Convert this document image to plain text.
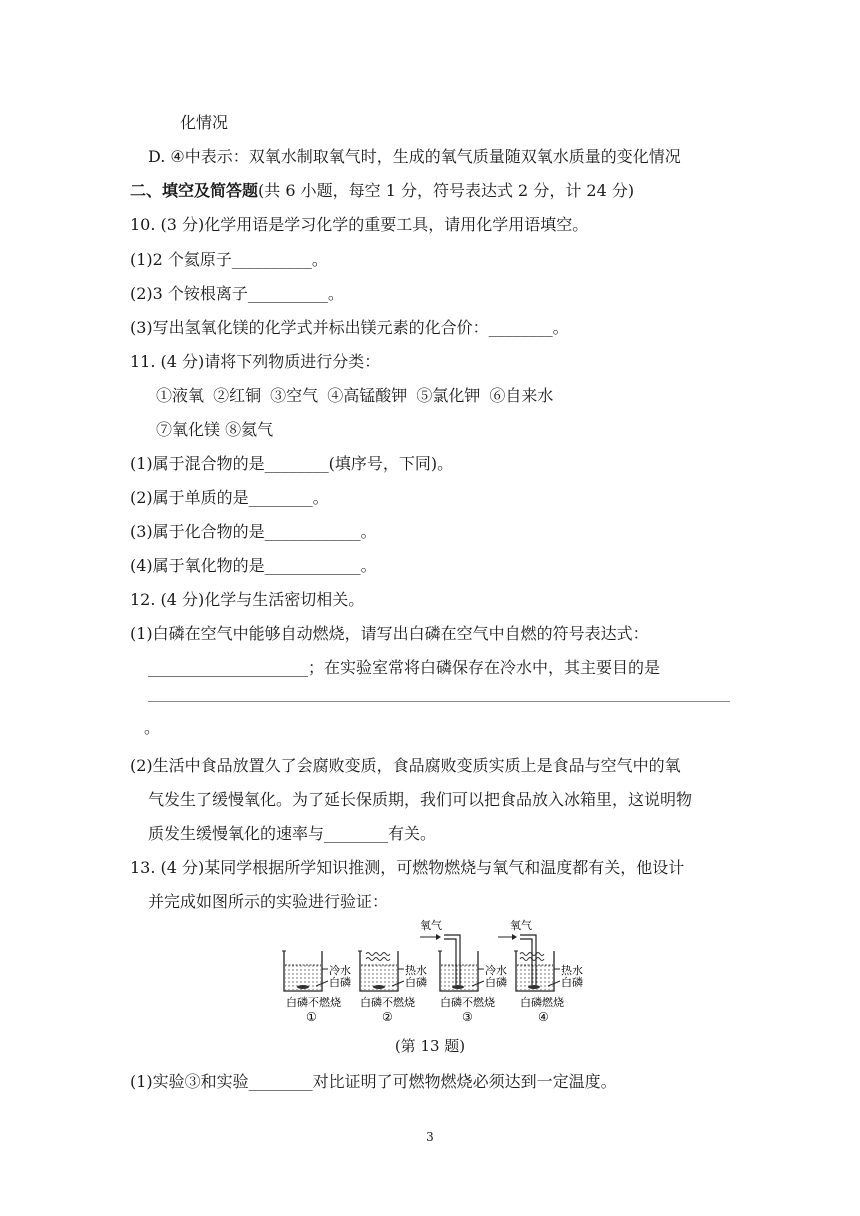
化情况
D. ④中表示：双氧水制取氧气时，生成的氧气质量随双氧水质量的变化情况
二、填空及简答题(共 6 小题，每空 1 分，符号表达式 2 分，计 24 分)
10. (3 分)化学用语是学习化学的重要工具，请用化学用语填空。
(1)2 个氦原子__________。
(2)3 个铵根离子__________。
(3)写出氢氧化镁的化学式并标出镁元素的化合价：________。
11. (4 分)请将下列物质进行分类：
①液氧 ②红铜 ③空气 ④高锰酸钾 ⑤氯化钾 ⑥自来水
⑦氧化镁 ⑧氦气
(1)属于混合物的是________(填序号，下同)。
(2)属于单质的是________。
(3)属于化合物的是____________。
(4)属于氧化物的是____________。
12. (4 分)化学与生活密切相关。
(1)白磷在空气中能够自动燃烧，请写出白磷在空气中自燃的符号表达式：
____________________；在实验室常将白磷保存在冷水中，其主要目的是
。
(2)生活中食品放置久了会腐败变质，食品腐败变质实质上是食品与空气中的氧
气发生了缓慢氧化。为了延长保质期，我们可以把食品放入冰箱里，这说明物
质发生缓慢氧化的速率与________有关。
13. (4 分)某同学根据所学知识推测，可燃物燃烧与氧气和温度都有关，他设计
并完成如图所示的实验进行验证：
冷水
白磷
白磷不燃烧
①
热水
白磷
白磷不燃烧
②
氧气
冷水
白磷
白磷不燃烧
③
氧气
热水
白磷
白磷燃烧
④
(第 13 题)
(1)实验③和实验________对比证明了可燃物燃烧必须达到一定温度。
3
